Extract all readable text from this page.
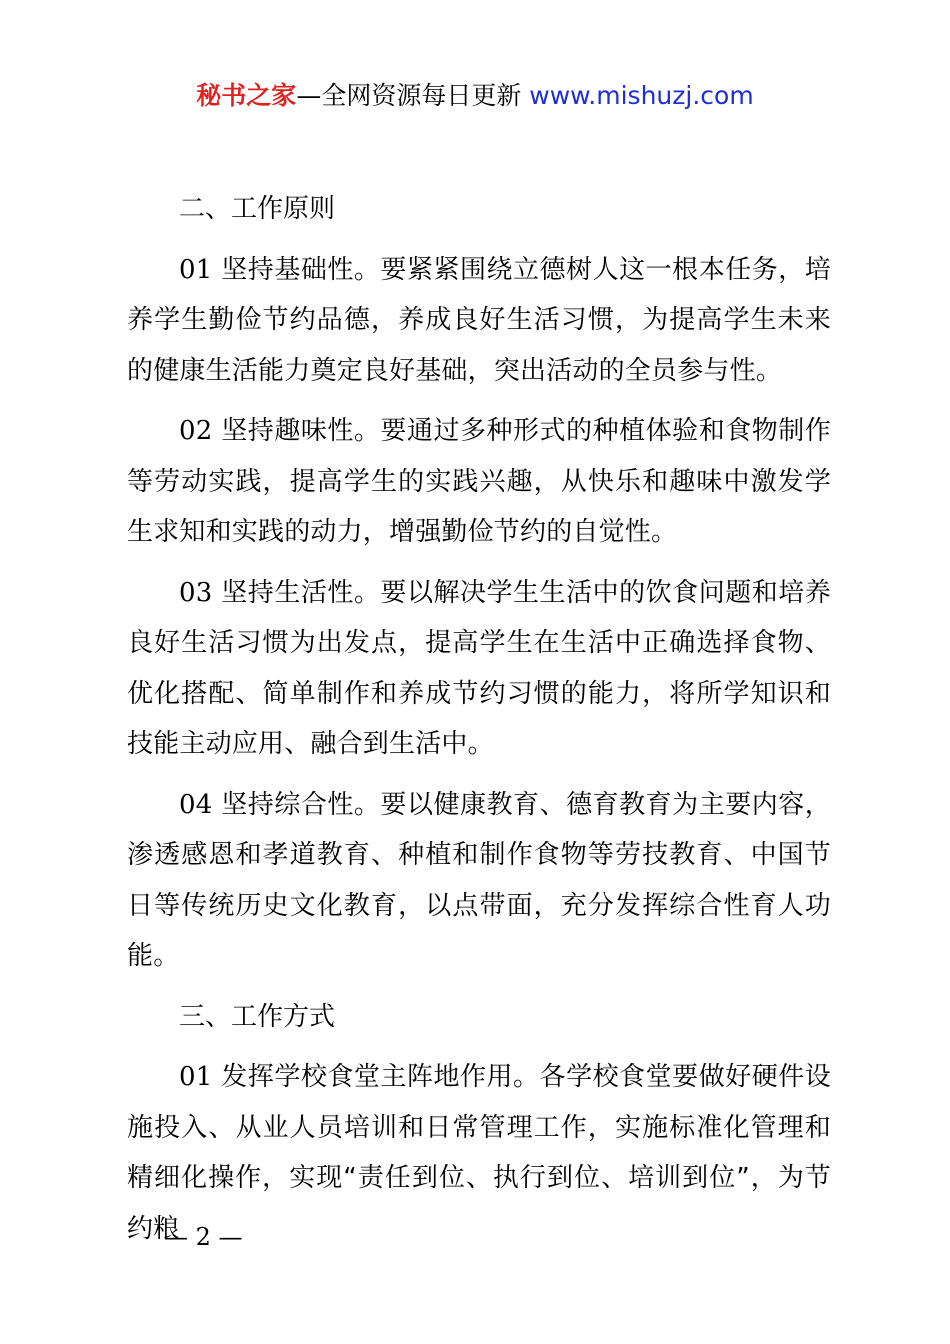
秘书之家—全网资源每日更新 www.mishuzj.com
二、工作原则

01 坚持基础性。要紧紧围绕立德树人这一根本任务，培养学生勤俭节约品德，养成良好生活习惯，为提高学生未来的健康生活能力奠定良好基础，突出活动的全员参与性。

02 坚持趣味性。要通过多种形式的种植体验和食物制作等劳动实践，提高学生的实践兴趣，从快乐和趣味中激发学生求知和实践的动力，增强勤俭节约的自觉性。

03 坚持生活性。要以解决学生生活中的饮食问题和培养良好生活习惯为出发点，提高学生在生活中正确选择食物、优化搭配、简单制作和养成节约习惯的能力，将所学知识和技能主动应用、融合到生活中。

04 坚持综合性。要以健康教育、德育教育为主要内容，渗透感恩和孝道教育、种植和制作食物等劳技教育、中国节日等传统历史文化教育，以点带面，充分发挥综合性育人功能。

三、工作方式

01 发挥学校食堂主阵地作用。各学校食堂要做好硬件设施投入、从业人员培训和日常管理工作，实施标准化管理和精细化操作，实现“责任到位、执行到位、培训到位”，为节约粮

— 2 —
